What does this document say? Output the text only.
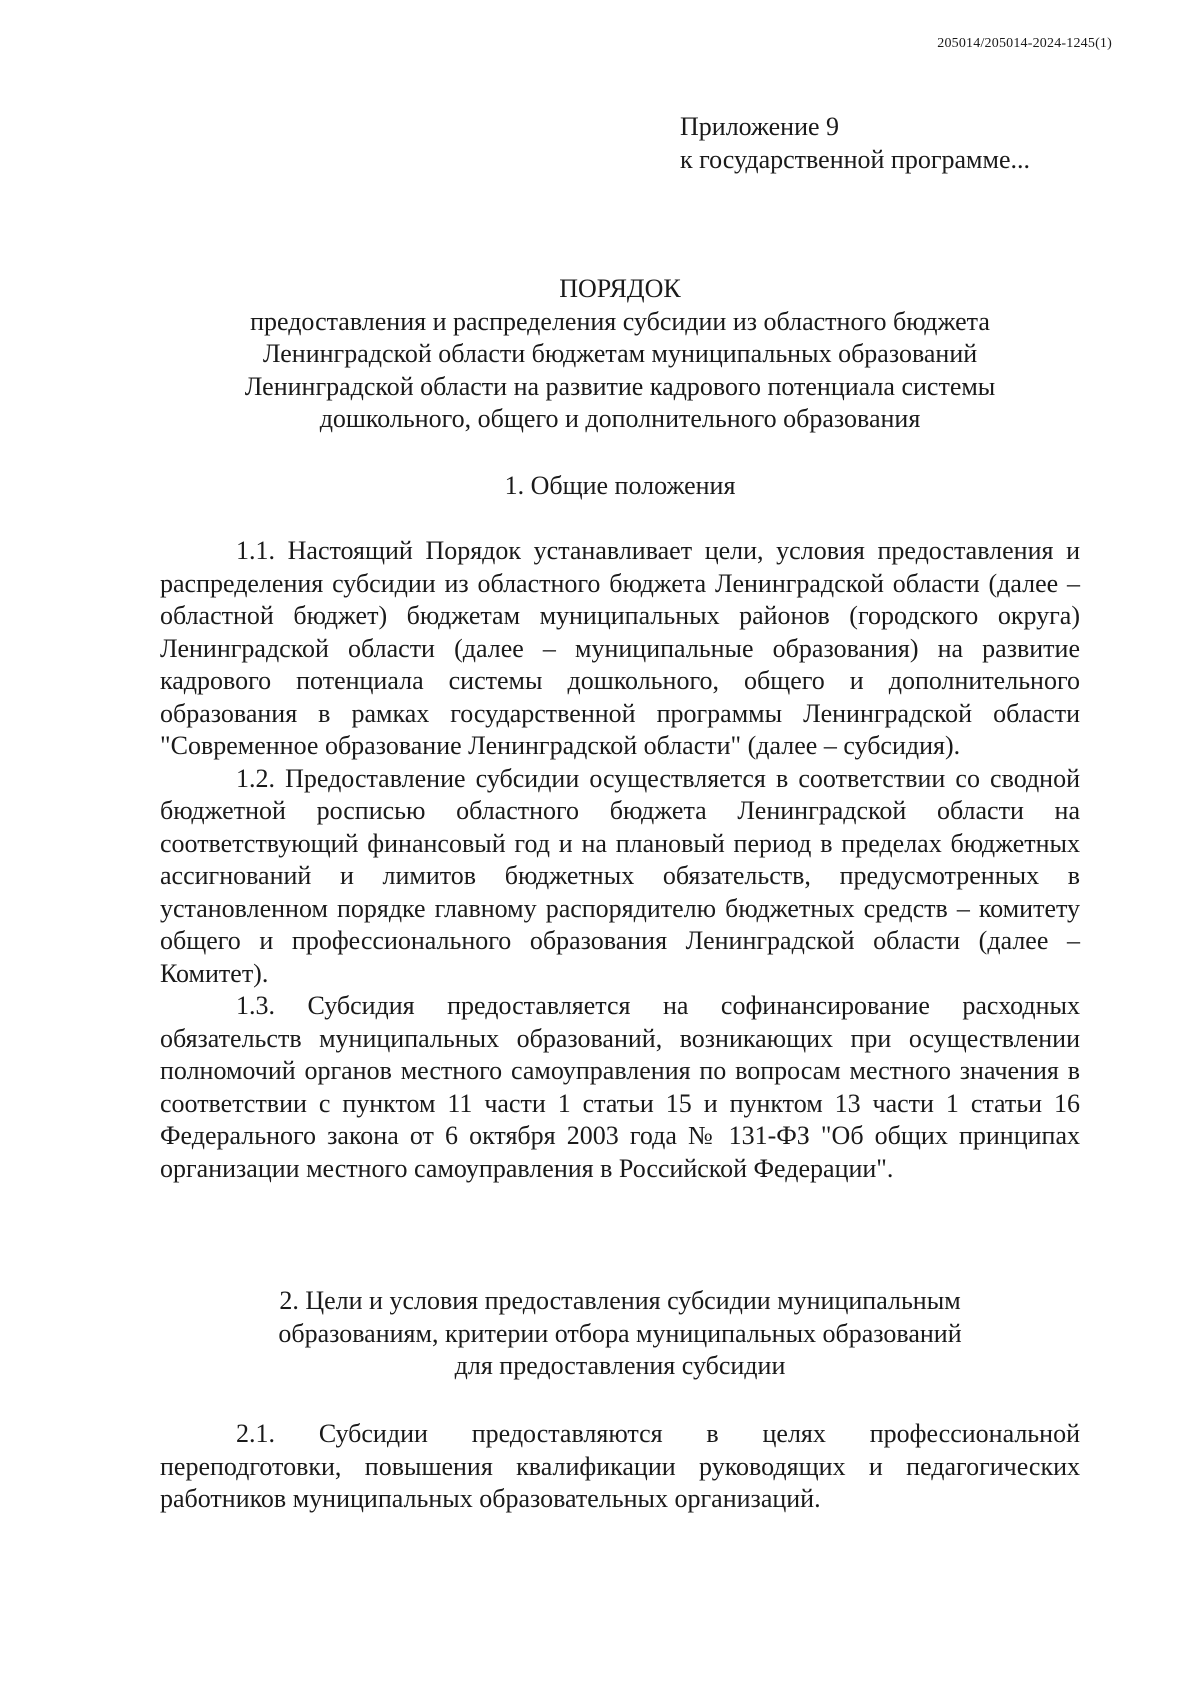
205014/205014-2024-1245(1)
Приложение 9
к государственной программе...
ПОРЯДОК
предоставления и распределения субсидии из областного бюджета
Ленинградской области бюджетам муниципальных образований
Ленинградской области на развитие кадрового потенциала системы
дошкольного, общего и дополнительного образования
1. Общие положения

1.1. Настоящий Порядок устанавливает цели, условия предоставления и распределения субсидии из областного бюджета Ленинградской области (далее – областной бюджет) бюджетам муниципальных районов (городского округа) Ленинградской области (далее – муниципальные образования) на развитие кадрового потенциала системы дошкольного, общего и дополнительного образования в рамках государственной программы Ленинградской области "Современное образование Ленинградской области" (далее – субсидия).

1.2. Предоставление субсидии осуществляется в соответствии со сводной бюджетной росписью областного бюджета Ленинградской области на соответствующий финансовый год и на плановый период в пределах бюджетных ассигнований и лимитов бюджетных обязательств, предусмотренных в установленном порядке главному распорядителю бюджетных средств – комитету общего и профессионального образования Ленинградской области (далее – Комитет).

1.3. Субсидия предоставляется на софинансирование расходных обязательств муниципальных образований, возникающих при осуществлении полномочий органов местного самоуправления по вопросам местного значения в соответствии с пунктом 11 части 1 статьи 15 и пунктом 13 части 1 статьи 16 Федерального закона от 6 октября 2003 года № 131-ФЗ "Об общих принципах организации местного самоуправления в Российской Федерации".

2. Цели и условия предоставления субсидии муниципальным
образованиям, критерии отбора муниципальных образований
для предоставления субсидии

2.1. Субсидии предоставляются в целях профессиональной переподготовки, повышения квалификации руководящих и педагогических работников муниципальных образовательных организаций.
